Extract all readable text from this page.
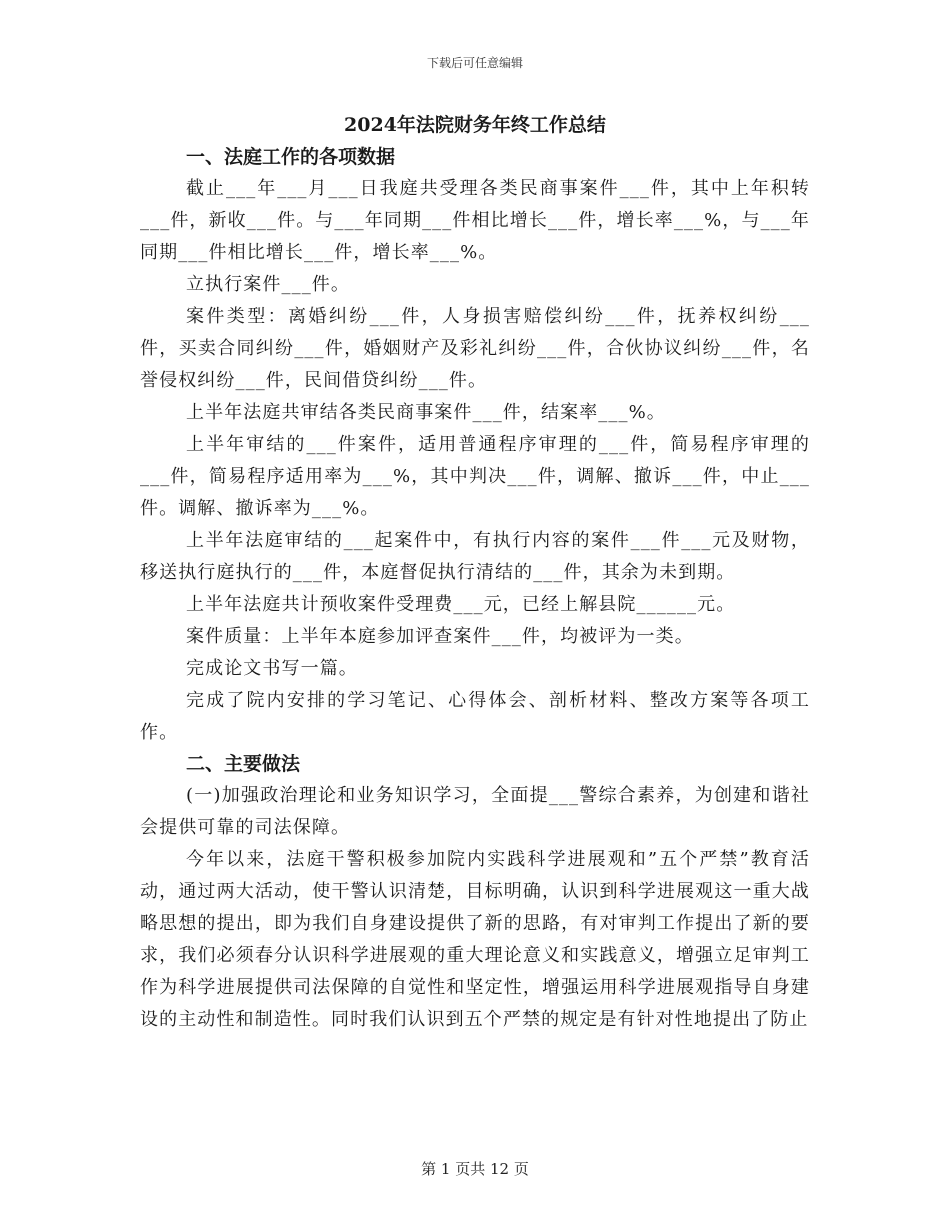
下载后可任意编辑
2024年法院财务年终工作总结
一、法庭工作的各项数据

截止___年___月___日我庭共受理各类民商事案件___件，其中上年积转___件，新收___件。与___年同期___件相比增长___件，增长率___%，与___年同期___件相比增长___件，增长率___%。

立执行案件___件。

案件类型：离婚纠纷___件，人身损害赔偿纠纷___件，抚养权纠纷___件，买卖合同纠纷___件，婚姻财产及彩礼纠纷___件，合伙协议纠纷___件，名誉侵权纠纷___件，民间借贷纠纷___件。

上半年法庭共审结各类民商事案件___件，结案率___%。

上半年审结的___件案件，适用普通程序审理的___件，简易程序审理的___件，简易程序适用率为___%，其中判决___件，调解、撤诉___件，中止___件。调解、撤诉率为___%。

上半年法庭审结的___起案件中，有执行内容的案件___件___元及财物，移送执行庭执行的___件，本庭督促执行清结的___件，其余为未到期。

上半年法庭共计预收案件受理费___元，已经上解县院______元。

案件质量：上半年本庭参加评查案件___件，均被评为一类。

完成论文书写一篇。

完成了院内安排的学习笔记、心得体会、剖析材料、整改方案等各项工作。

二、主要做法

(一)加强政治理论和业务知识学习，全面提___警综合素养，为创建和谐社会提供可靠的司法保障。

今年以来，法庭干警积极参加院内实践科学进展观和”五个严禁”教育活动，通过两大活动，使干警认识清楚，目标明确，认识到科学进展观这一重大战略思想的提出，即为我们自身建设提供了新的思路，有对审判工作提出了新的要求，我们必须春分认识科学进展观的重大理论意义和实践意义，增强立足审判工作为科学进展提供司法保障的自觉性和坚定性，增强运用科学进展观指导自身建设的主动性和制造性。同时我们认识到五个严禁的规定是有针对性地提出了防止

第 1 页共 12 页
